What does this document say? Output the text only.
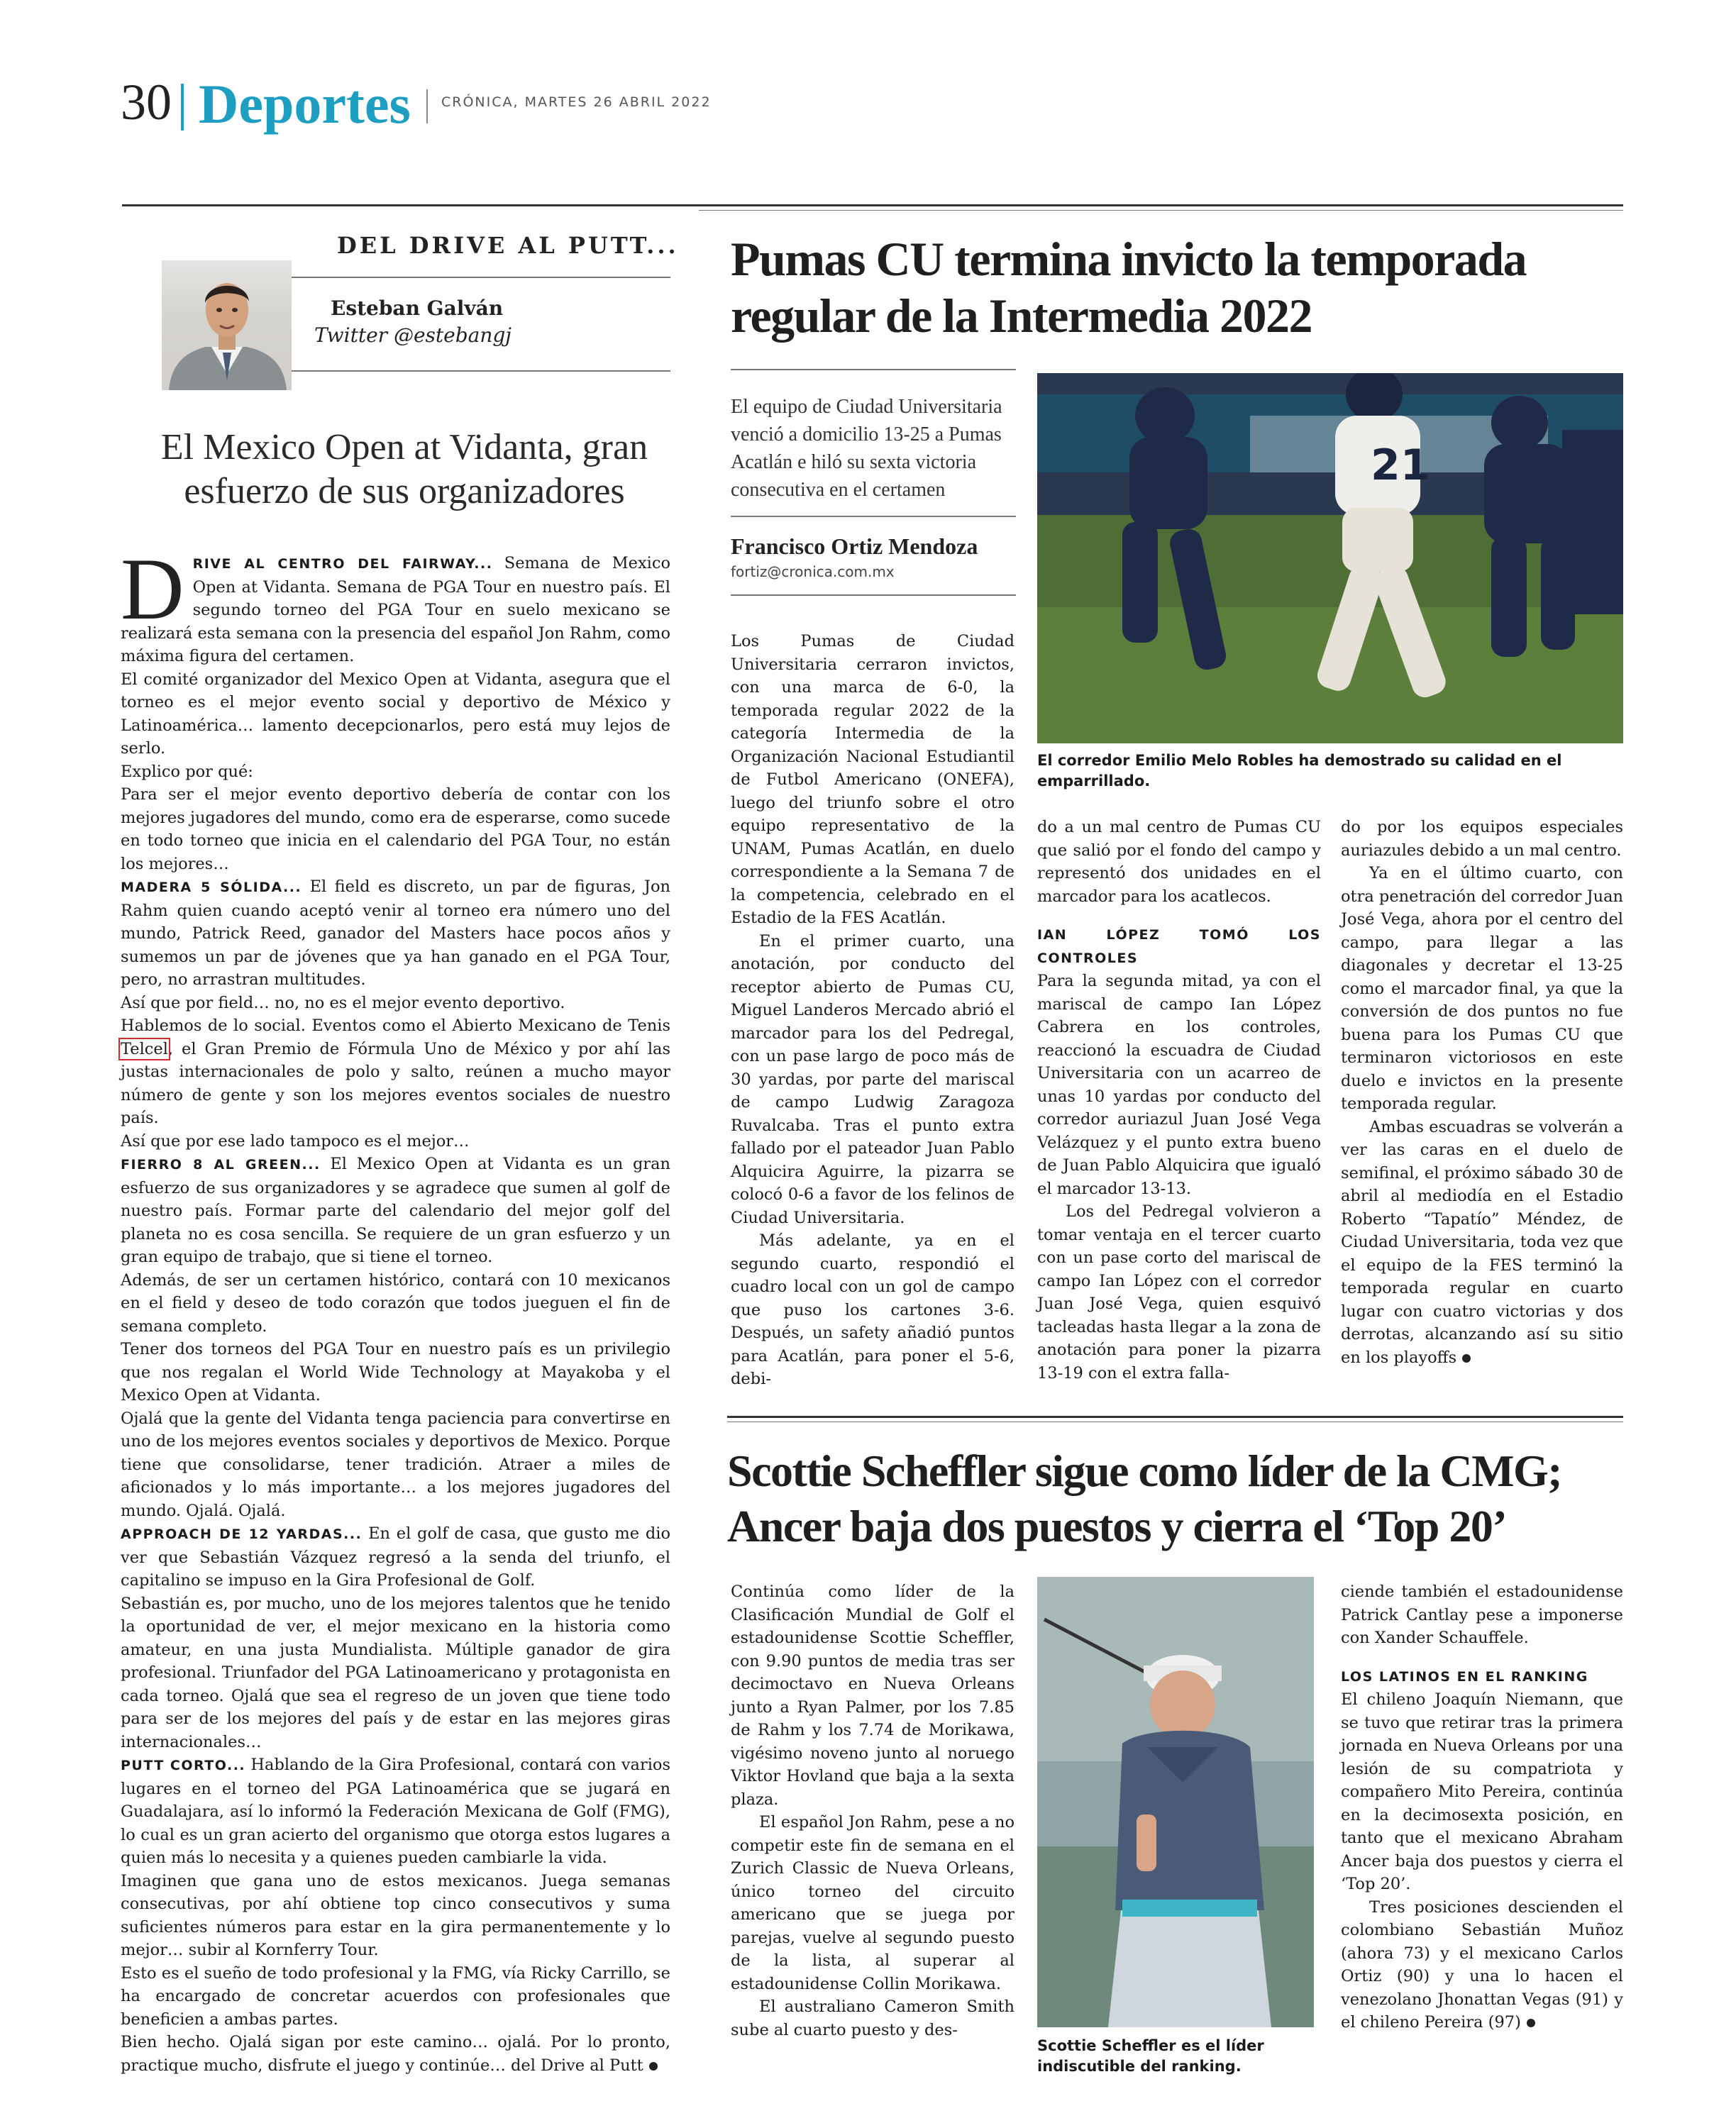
30 Deportes CRÓNICA, MARTES 26 ABRIL 2022
DEL DRIVE AL PUTT...
Esteban Galván
Twitter @estebangj
El Mexico Open at Vidanta, gran
esfuerzo de sus organizadores

DRIVE AL CENTRO DEL FAIRWAY... Semana de Mexico Open at Vidanta. Semana de PGA Tour en nuestro país. El segundo torneo del PGA Tour en suelo mexicano se realizará esta semana con la presencia del español Jon Rahm, como máxima figura del certamen.

El comité organizador del Mexico Open at Vidanta, asegura que el torneo es el mejor evento social y deportivo de México y Latinoamérica… lamento decepcionarlos, pero está muy lejos de serlo.

Explico por qué:

Para ser el mejor evento deportivo debería de contar con los mejores jugadores del mundo, como era de esperarse, como sucede en todo torneo que inicia en el calendario del PGA Tour, no están los mejores…

MADERA 5 SÓLIDA... El field es discreto, un par de figuras, Jon Rahm quien cuando aceptó venir al torneo era número uno del mundo, Patrick Reed, ganador del Masters hace pocos años y sumemos un par de jóvenes que ya han ganado en el PGA Tour, pero, no arrastran multitudes.

Así que por field… no, no es el mejor evento deportivo.

Hablemos de lo social. Eventos como el Abierto Mexicano de Tenis Telcel, el Gran Premio de Fórmula Uno de México y por ahí las justas internacionales de polo y salto, reúnen a mucho mayor número de gente y son los mejores eventos sociales de nuestro país.

Así que por ese lado tampoco es el mejor…

FIERRO 8 AL GREEN... El Mexico Open at Vidanta es un gran esfuerzo de sus organizadores y se agradece que sumen al golf de nuestro país. Formar parte del calendario del mejor golf del planeta no es cosa sencilla. Se requiere de un gran esfuerzo y un gran equipo de trabajo, que si tiene el torneo.

Además, de ser un certamen histórico, contará con 10 mexicanos en el field y deseo de todo corazón que todos jueguen el fin de semana completo.

Tener dos torneos del PGA Tour en nuestro país es un privilegio que nos regalan el World Wide Technology at Mayakoba y el Mexico Open at Vidanta.

Ojalá que la gente del Vidanta tenga paciencia para convertirse en uno de los mejores eventos sociales y deportivos de Mexico. Porque tiene que consolidarse, tener tradición. Atraer a miles de aficionados y lo más importante… a los mejores jugadores del mundo. Ojalá. Ojalá.

APPROACH DE 12 YARDAS... En el golf de casa, que gusto me dio ver que Sebastián Vázquez regresó a la senda del triunfo, el capitalino se impuso en la Gira Profesional de Golf.

Sebastián es, por mucho, uno de los mejores talentos que he tenido la oportunidad de ver, el mejor mexicano en la historia como amateur, en una justa Mundialista. Múltiple ganador de gira profesional. Triunfador del PGA Latinoamericano y protagonista en cada torneo. Ojalá que sea el regreso de un joven que tiene todo para ser de los mejores del país y de estar en las mejores giras internacionales…

PUTT CORTO... Hablando de la Gira Profesional, contará con varios lugares en el torneo del PGA Latinoamérica que se jugará en Guadalajara, así lo informó la Federación Mexicana de Golf (FMG), lo cual es un gran acierto del organismo que otorga estos lugares a quien más lo necesita y a quienes pueden cambiarle la vida.

Imaginen que gana uno de estos mexicanos. Juega semanas consecutivas, por ahí obtiene top cinco consecutivos y suma suficientes números para estar en la gira permanentemente y lo mejor… subir al Kornferry Tour.

Esto es el sueño de todo profesional y la FMG, vía Ricky Carrillo, se ha encargado de concretar acuerdos con profesionales que beneficien a ambas partes.

Bien hecho. Ojalá sigan por este camino… ojalá. Por lo pronto, practique mucho, disfrute el juego y continúe… del Drive al Putt

Pumas CU termina invicto la temporada
regular de la Intermedia 2022
El equipo de Ciudad Universitaria venció a domicilio 13-25 a Pumas Acatlán e hiló su sexta victoria consecutiva en el certamen
Francisco Ortiz Mendoza
fortiz@cronica.com.mx
21
El corredor Emilio Melo Robles ha demostrado su calidad en el emparrillado.

Los Pumas de Ciudad Universitaria cerraron invictos, con una marca de 6-0, la temporada regular 2022 de la categoría Intermedia de la Organización Nacional Estudiantil de Futbol Americano (ONEFA), luego del triunfo sobre el otro equipo representativo de la UNAM, Pumas Acatlán, en duelo correspondiente a la Semana 7 de la competencia, celebrado en el Estadio de la FES Acatlán.

En el primer cuarto, una anotación, por conducto del receptor abierto de Pumas CU, Miguel Landeros Mercado abrió el marcador para los del Pedregal, con un pase largo de poco más de 30 yardas, por parte del mariscal de campo Ludwig Zaragoza Ruvalcaba. Tras el punto extra fallado por el pateador Juan Pablo Alquicira Aguirre, la pizarra se colocó 0-6 a favor de los felinos de Ciudad Universitaria.

Más adelante, ya en el segundo cuarto, respondió el cuadro local con un gol de campo que puso los cartones 3-6. Después, un safety añadió puntos para Acatlán, para poner el 5-6, debi-

do a un mal centro de Pumas CU que salió por el fondo del campo y representó dos unidades en el marcador para los acatlecos.

IAN LÓPEZ TOMÓ LOS CONTROLES

Para la segunda mitad, ya con el mariscal de campo Ian López Cabrera en los controles, reaccionó la escuadra de Ciudad Universitaria con un acarreo de unas 10 yardas por conducto del corredor auriazul Juan José Vega Velázquez y el punto extra bueno de Juan Pablo Alquicira que igualó el marcador 13-13.

Los del Pedregal volvieron a tomar ventaja en el tercer cuarto con un pase corto del mariscal de campo Ian López con el corredor Juan José Vega, quien esquivó tacleadas hasta llegar a la zona de anotación para poner la pizarra 13-19 con el extra falla-

do por los equipos especiales auriazules debido a un mal centro.

Ya en el último cuarto, con otra penetración del corredor Juan José Vega, ahora por el centro del campo, para llegar a las diagonales y decretar el 13-25 como el marcador final, ya que la conversión de dos puntos no fue buena para los Pumas CU que terminaron victoriosos en este duelo e invictos en la presente temporada regular.

Ambas escuadras se volverán a ver las caras en el duelo de semifinal, el próximo sábado 30 de abril al mediodía en el Estadio Roberto “Tapatío” Méndez, de Ciudad Universitaria, toda vez que el equipo de la FES terminó la temporada regular en cuarto lugar con cuatro victorias y dos derrotas, alcanzando así su sitio en los playoffs

Scottie Scheffler sigue como líder de la CMG;
Ancer baja dos puestos y cierra el ‘Top 20’

Continúa como líder de la Clasificación Mundial de Golf el estadounidense Scottie Scheffler, con 9.90 puntos de media tras ser decimoctavo en Nueva Orleans junto a Ryan Palmer, por los 7.85 de Rahm y los 7.74 de Morikawa, vigésimo noveno junto al noruego Viktor Hovland que baja a la sexta plaza.

El español Jon Rahm, pese a no competir este fin de semana en el Zurich Classic de Nueva Orleans, único torneo del circuito americano que se juega por parejas, vuelve al segundo puesto de la lista, al superar al estadounidense Collin Morikawa.

El australiano Cameron Smith sube al cuarto puesto y des-

Scottie Scheffler es el líder indiscutible del ranking.

ciende también el estadounidense Patrick Cantlay pese a imponerse con Xander Schauffele.

LOS LATINOS EN EL RANKING

El chileno Joaquín Niemann, que se tuvo que retirar tras la primera jornada en Nueva Orleans por una lesión de su compatriota y compañero Mito Pereira, continúa en la decimosexta posición, en tanto que el mexicano Abraham Ancer baja dos puestos y cierra el ‘Top 20’.

Tres posiciones descienden el colombiano Sebastián Muñoz (ahora 73) y el mexicano Carlos Ortiz (90) y una lo hacen el venezolano Jhonattan Vegas (91) y el chileno Pereira (97)
